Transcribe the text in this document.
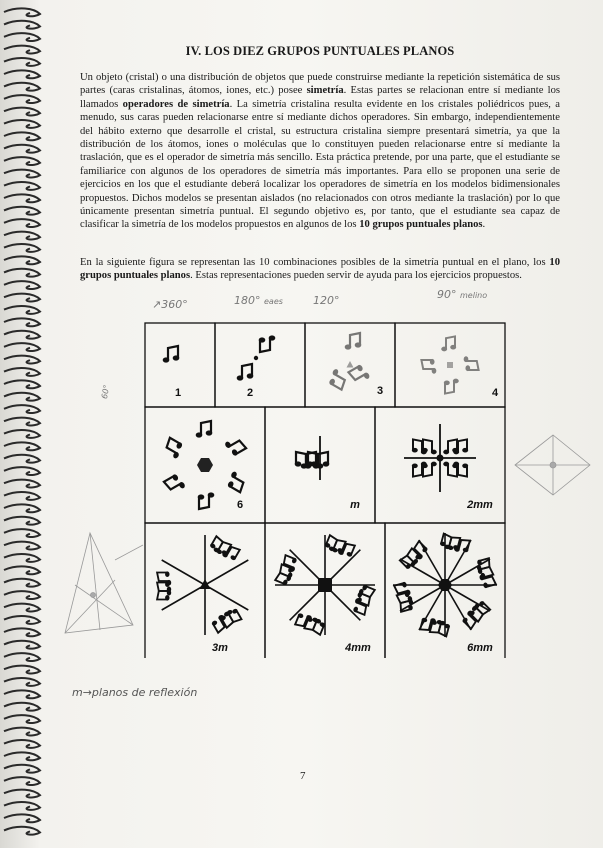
IV. LOS DIEZ GRUPOS PUNTUALES PLANOS
Un objeto (cristal) o una distribución de objetos que puede construirse mediante la repetición sistemática de sus partes (caras cristalinas, átomos, iones, etc.) posee simetría. Estas partes se relacionan entre sí mediante los llamados operadores de simetría. La simetría cristalina resulta evidente en los cristales poliédricos pues, a menudo, sus caras pueden relacionarse entre sí mediante dichos operadores. Sin embargo, independientemente del hábito externo que desarrolle el cristal, su estructura cristalina siempre presentará simetría, ya que la distribución de los átomos, iones o moléculas que lo constituyen pueden relacionarse entre sí mediante la traslación, que es el operador de simetría más sencillo. Esta práctica pretende, por una parte, que el estudiante se familiarice con algunos de los operadores de simetría más importantes. Para ello se proponen una serie de ejercicios en los que el estudiante deberá localizar los operadores de simetría en los modelos bidimensionales propuestos. Dichos modelos se presentan aislados (no relacionados con otros mediante la traslación) por lo que únicamente presentan simetría puntual. El segundo objetivo es, por tanto, que el estudiante sea capaz de clasificar la simetría de los modelos propuestos en algunos de los 10 grupos puntuales planos.
En la siguiente figura se representan las 10 combinaciones posibles de la simetría puntual en el plano, los 10 grupos puntuales planos. Estas representaciones pueden servir de ayuda para los ejercicios propuestos.
↗360°	180° eaes	120°	90° melino
60°
m→planos de reflexión
1	2	3	4
6	m	2mm
3m	4mm	6mm
7
